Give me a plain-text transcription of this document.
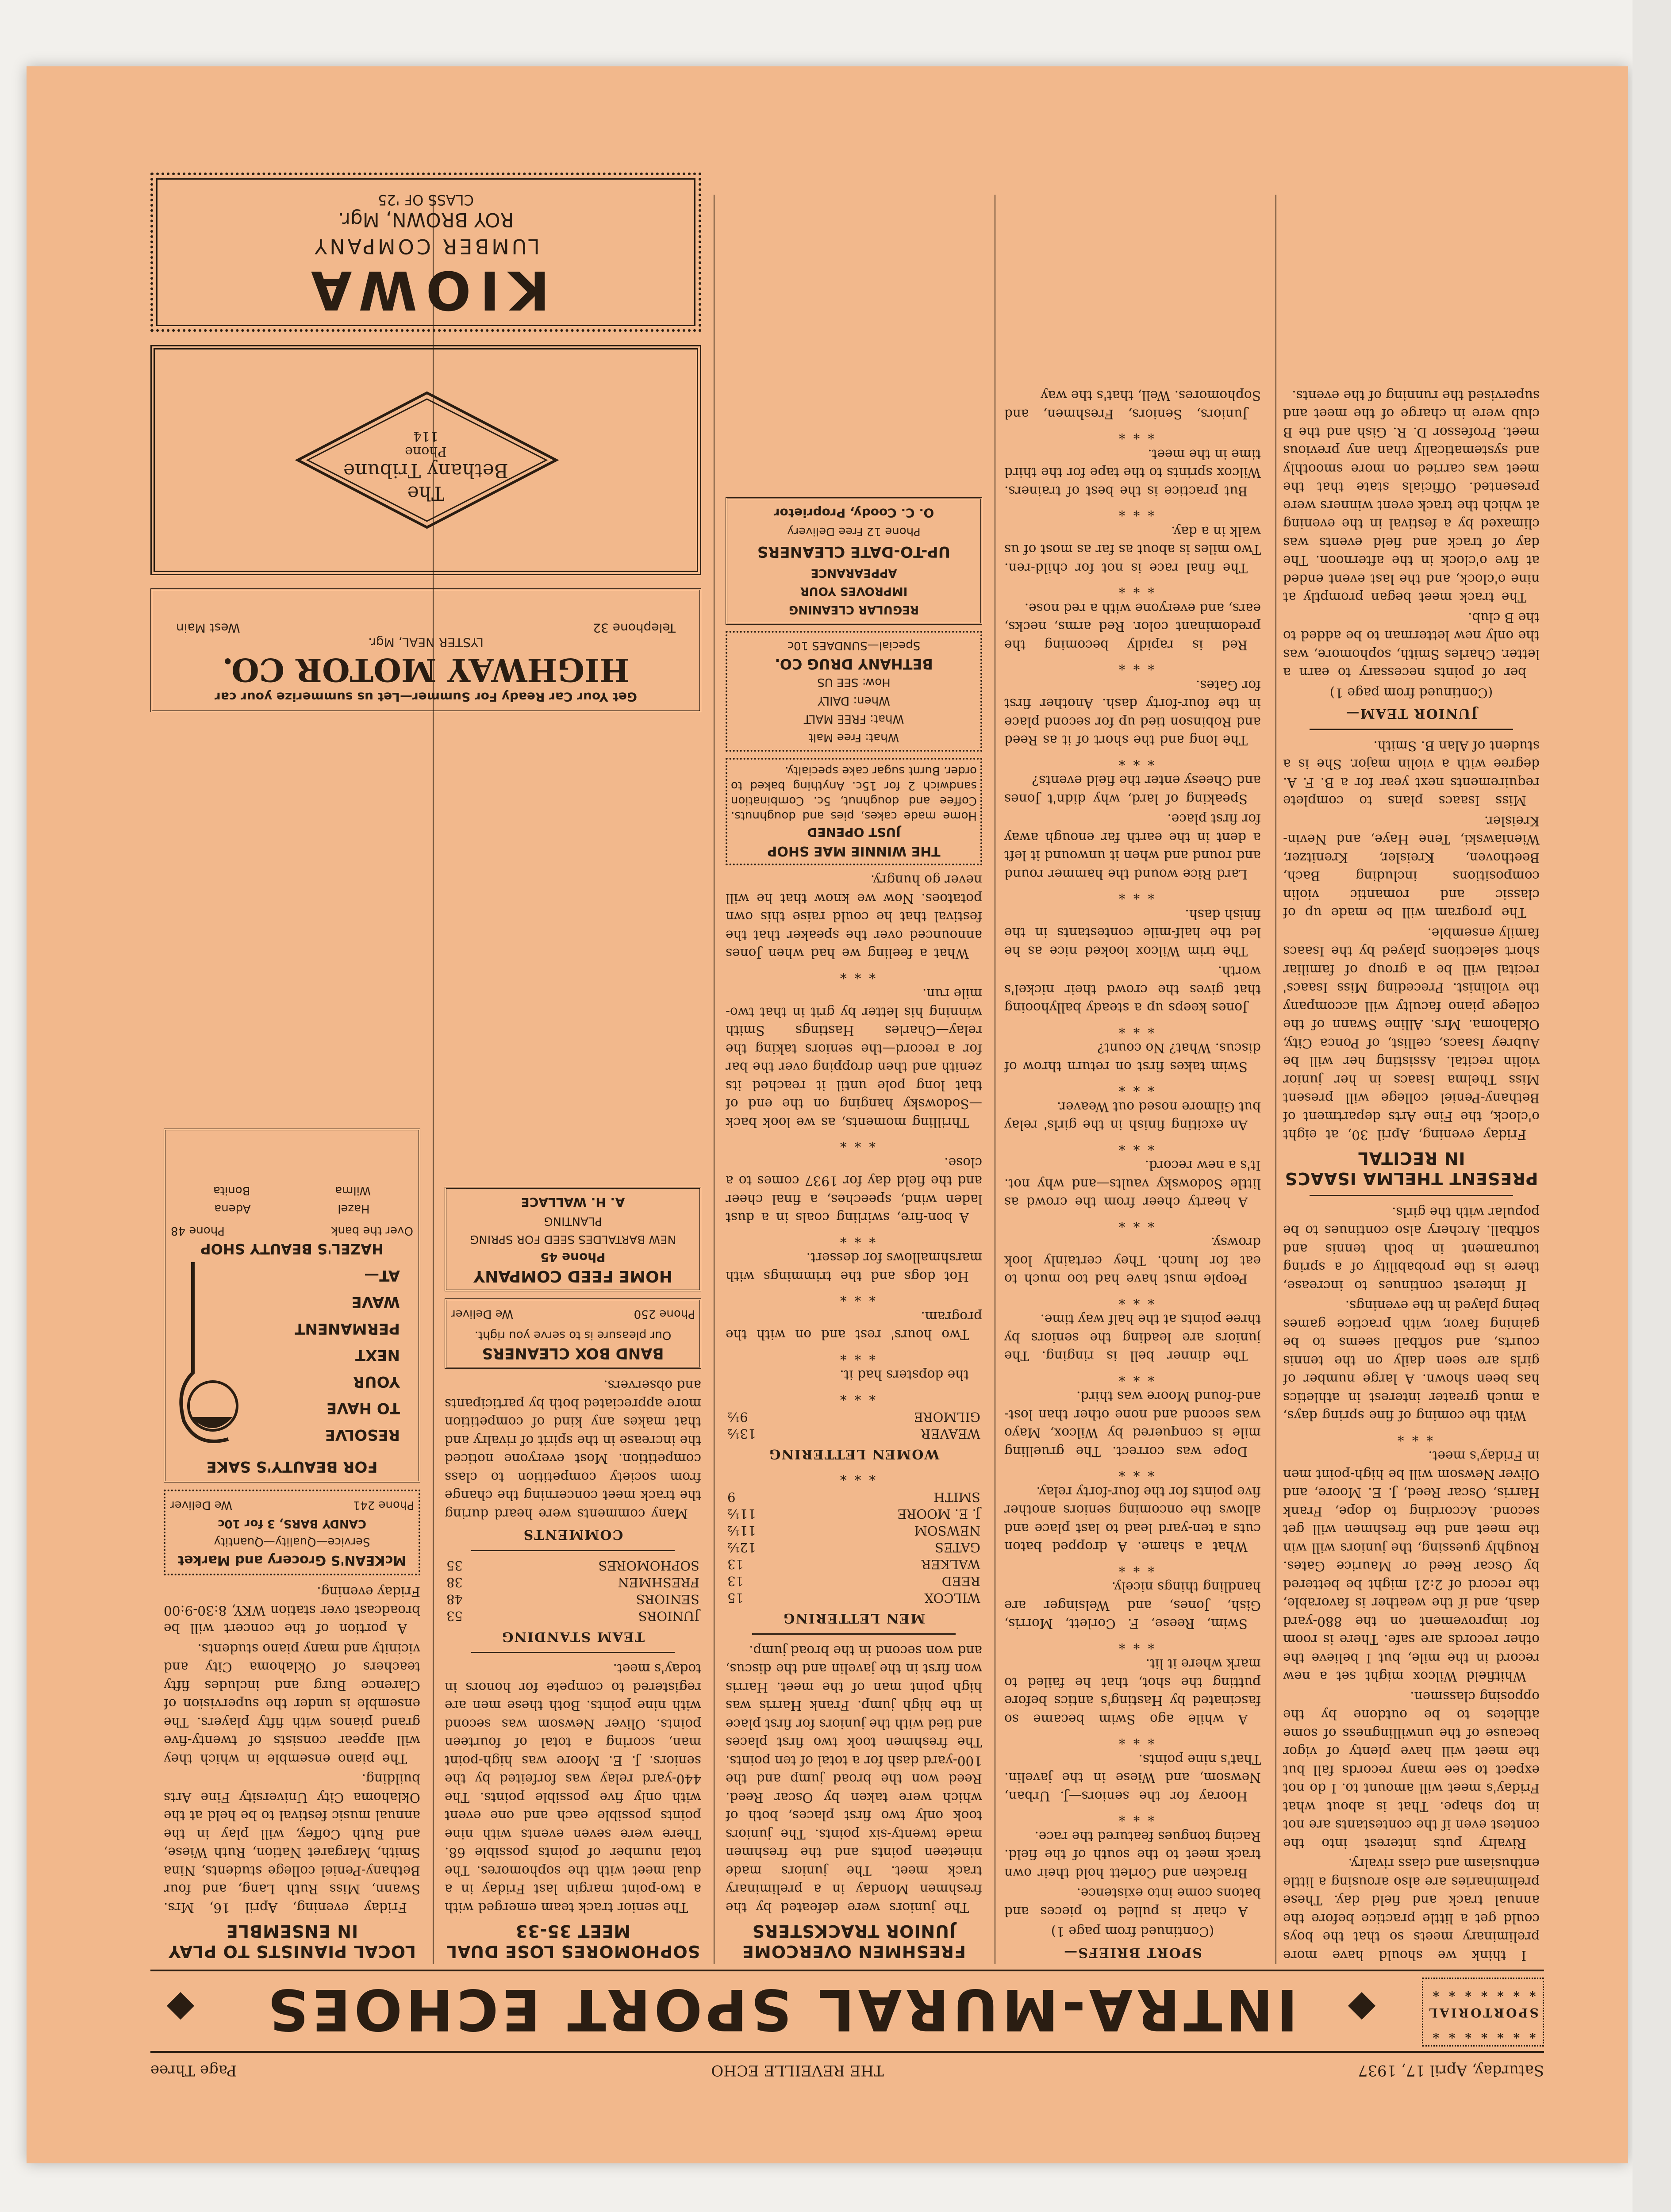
Saturday, April 17, 1937
THE REVEILLE ECHO
Page Three
* * * * * * *
SPORTORIAL
* * * * * * *
INTRA-MURAL SPORT ECHOES

I think we should have more preliminary meets so that the boys could get a little practice before the annual track and field day. These preliminaries are also arousing a little enthusiasm and class rivalry.

Rivalry puts interest into the contest even if the contestants are not in top shape. That is about what Friday's meet will amount to. I do not expect to see many records fall but the meet will have plenty of vigor because of the unwillingness of some athletes to be outdone by the opposing classmen.

Whitfield Wilcox might set a new record in the mile, but I believe the other records are safe. There is room for improvement on the 880-yard dash, and if the weather is favorable, the record of 2:21 might be bettered by Oscar Reed or Maurice Gates. Roughly guessing, the juniors will win the meet and the freshmen will get second. According to dope, Frank Harris, Oscar Reed, J. E. Moore, and Oliver Newsom will be high-point men in Friday's meet.

***

With the coming of fine spring days, a much greater interest in athletics has been shown. A large number of girls are seen daily on the tennis courts, and softball seems to be gaining favor, with practice games being played in the evenings.

If interest continues to increase, there is the probability of a spring tournament in both tennis and softball. Archery also continues to be popular with the girls.

PRESENT THELMA ISAACS IN RECITAL

Friday evening, April 30, at eight o'clock, the Fine Arts department of Bethany-Peniel college will present Miss Thelma Isaacs in her junior violin recital. Assisting her will be Aubrey Isaacs, cellist, of Ponca City, Oklahoma. Mrs. Alline Swann of the college piano faculty will accompany the violinist. Preceding Miss Isaacs' recital will be a group of familiar short selections played by the Isaacs family ensemble.

The program will be made up of classic and romantic violin compositions including Bach, Beethoven, Kreisler, Krenitzer, Wieniawski, Tene Haye, and Nevin-Kreisler.

Miss Isaacs plans to complete requirements next year for a B. F. A. degree with a violin major. She is a student of Alan B. Smith.

JUNIOR TEAM—

(Continued from page 1)

ber of points necessary to earn a letter. Charles Smith, sophomore, was the only new letterman to be added to the B club.

The track meet began promptly at nine o'clock, and the last event ended at five o'clock in the afternoon. The day of track and field events was climaxed by a festival in the evening at which the track event winners were presented. Officials state that the meet was carried on more smoothly and systematically than any previous meet. Professor D. R. Gish and the B club were in charge of the meet and supervised the running of the events.

SPORT BRIEFS—

(Continued from page 1)

A chair is pulled to pieces and batons come into existence.

Bracken and Corlett hold their own track meet to the south of the field. Racing tongues featured the race.

***

Hooray for the seniors—J. Urban, Newsom, and Wiese in the javelin. That's nine points.

***

A while ago Swim became so fascinated by Hasting's antics before putting the shot, that he failed to mark where it lit.

***

Swim, Reese, F. Corlett, Morris, Gish, Jones, and Welsinger are handling things nicely.

***

What a shame. A dropped baton cuts a ten-yard lead to last place and allows the oncoming seniors another five points for the four-forty relay.

***

Dope was correct. The gruelling mile is conquered by Wilcox, Mayo was second and none other than lost-and-found Moore was third.

***

The dinner bell is ringing. The juniors are leading the seniors by three points at the half way time.

***

People must have had too much to eat for lunch. They certainly look drowsy.

***

A hearty cheer from the crowd as little Sodowsky vaults—and why not. It's a new record.

***

An exciting finish in the girls' relay but Gilmore nosed out Weaver.

***

Swim takes first on return throw of discus. What? No count?

***

Jones keeps up a steady ballyhooing that gives the crowd their nickel's worth.

The trim Wilcox looked nice as he led the half-mile contestants in the finish dash.

***

Lard Rice wound the hammer round and round and when it unwound it left a dent in the earth far enough away for first place.

Speaking of lard, why didn't Jones and Cheesy enter the field events?

***

The long and the short of it as Reed and Robinson tied up for second place in the four-forty dash. Another first for Gates.

***

Red is rapidly becoming the predominant color. Red arms, necks, ears, and everyone with a red nose.

***

The final race is not for child-ren. Two miles is about as far as most of us walk in a day.

***

But practice is the best of trainers. Wilcox sprints to the tape for the third time in the meet.

***

Juniors, Seniors, Freshmen, and Sophomores. Well, that's the way

FRESHMEN OVERCOME JUNIOR TRACKSTERS

The juniors were defeated by the freshmen Monday in a preliminary track meet. The juniors made nineteen points and the freshmen made twenty-six points. The juniors took only two first places, both of which were taken by Oscar Reed. Reed won the broad jump and the 100-yard dash for a total of ten points. The freshmen took two first places and tied with the juniors for first place in the high jump. Frank Harris was high point man of the meet. Harris won first in the javelin and the discus, and won second in the broad jump.

MEN LETTERING
WILCOX	15
REED	13
WALKER	13
GATES	12½
NEWSOM	11½
J. E. MOORE	11½
SMITH	9

***

WOMEN LETTERING
WEAVER	13½
GILMORE	9½

***

the dopsters had it.

***

Two hours' rest and on with the program.

***

Hot dogs and the trimmings with marshmallows for dessert.

***

A bon-fire, swirling coals in a dust laden wind, speeches, a final cheer and the field day for 1937 comes to a close.

***

Thrilling moments, as we look back—Sodowsky hanging on the end of that long pole until it reached its zenith and then dropping over the bar for a record—the seniors taking the relay—Charles Hastings Smith winning his letter by grit in that two-mile run.

***

What a feeling we had when Jones announced over the speaker that the festival that he could raise this own potatoes. Now we know that he will never go hungry.

THE WINNIE MAE SHOP
JUST OPENED
Home made cakes, pies and doughnuts. Coffee and doughnut, 5c. Combination sandwich 2 for 15c. Anything baked to order. Burnt sugar cake specialty.
What: Free Malt
What: FREE MALT
When: DAILY
How: SEE US
BETHANY DRUG CO.
Special—SUNDAES 10c
REGULAR CLEANING
IMPROVES YOUR
APPEARANCE
UP-TO-DATE CLEANERS
Phone 12 Free Delivery
O. C. Coody, Proprietor
SOPHOMORES LOSE DUAL MEET 35-33

The senior track team emerged with a two-point margin last Friday in a dual meet with the sophomores. The total number of points possible 68. There were seven events with nine points possible each and one event with only five possible points. The 440-yard relay was forfeited by the seniors. J. E. Moore was high-point man, scoring a total of fourteen points. Oliver Newsom was second with nine points. Both these men are registered to compete for honors in today's meet.

TEAM STANDING
JUNIORS	53
SENIORS	48
FRESHMEN	38
SOPHOMORES	35
COMMENTS

Many comments were heard during the track meet concerning the change from society competition to class competition. Most everyone noticed the increase in the spirit of rivalry and that makes any kind of competition more appreciated both by participants and observers.

BAND BOX CLEANERS
Our pleasure is to serve you right.
Phone 250
We Deliver
HOME FEED COMPANY
Phone 45
NEW BARTALDES SEED FOR SPRING PLANTING
A. H. WALLACE
LOCAL PIANISTS TO PLAY IN ENSEMBLE

Friday evening, April 16, Mrs. Swann, Miss Ruth Lang, and four Bethany-Peniel college students, Nina Smith, Margaret Nation, Ruth Wiese, and Ruth Coffey, will play in the annual music festival to be held at the Oklahoma City University Fine Arts building.

The piano ensemble in which they will appear consists of twenty-five grand pianos with fifty players. The ensemble is under the supervision of Clarence Burg and includes fifty teachers of Oklahoma City and vicinity and many piano students.

A portion of the concert will be broadcast over station WKY, 8:30-9:00 Friday evening.

McKEAN'S Grocery and Market
Service—Quality—Quantity
CANDY BARS, 3 for 10c
Phone 241
We Deliver
FOR BEAUTY'S SAKE
RESOLVE
TO HAVE
YOUR
NEXT
PERMANENT
WAVE
AT—
HAZEL'S BEAUTY SHOP
Over the bank
Phone 48
Hazel
Adena
Wilma
Bonita
Get Your Car Ready For Summer—Let us summerize your car
HIGHWAY MOTOR CO.
LYSTER NEAL, Mgr.
Telephone 32
West Main
The
Bethany Tribune
Phone
114
KIOWA
LUMBER COMPANY
ROY BROWN, Mgr.
CLASS OF '25
